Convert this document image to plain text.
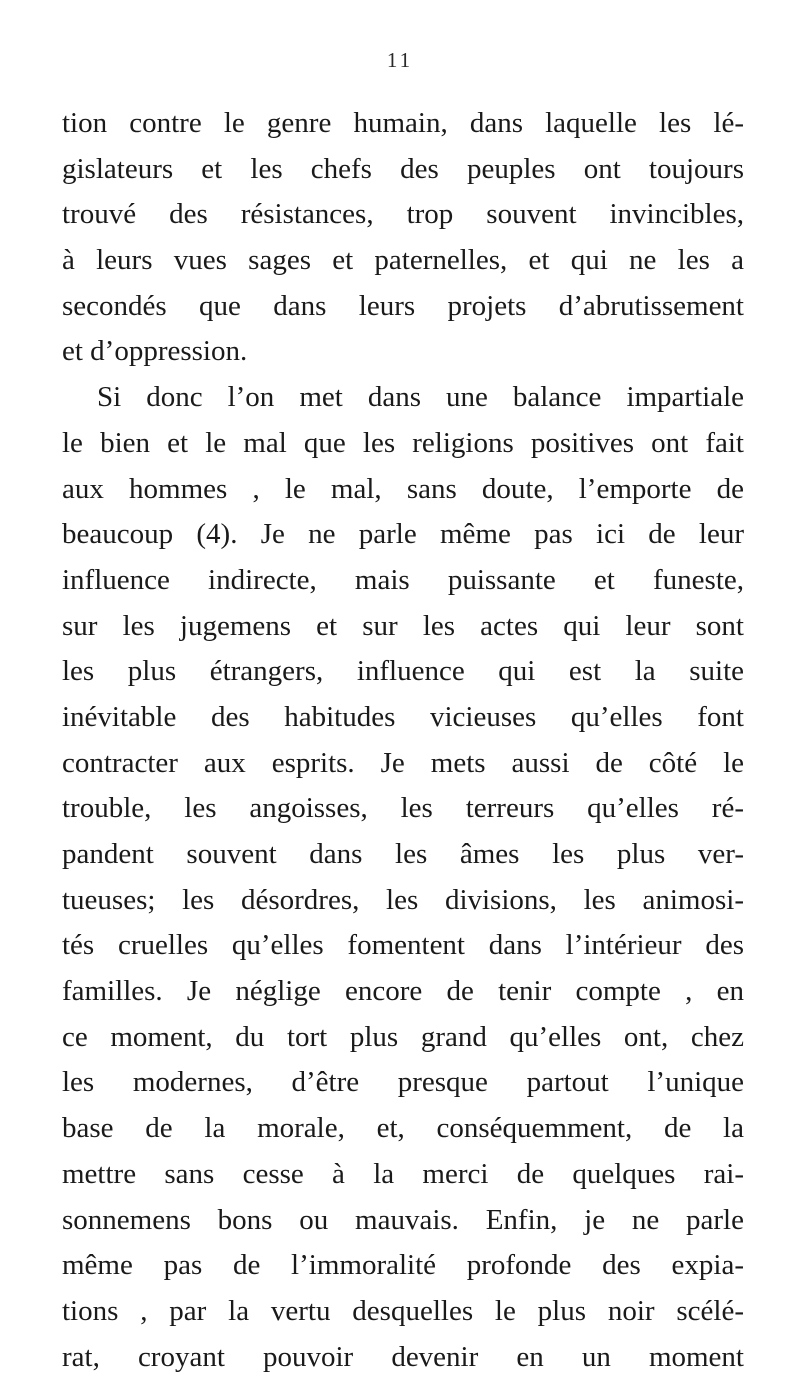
11
tion contre le genre humain, dans laquelle les lé-
gislateurs et les chefs des peuples ont toujours
trouvé des résistances, trop souvent invincibles,
à leurs vues sages et paternelles, et qui ne les a
secondés que dans leurs projets d’abrutissement
et d’oppression.
Si donc l’on met dans une balance impartiale
le bien et le mal que les religions positives ont fait
aux hommes , le mal, sans doute, l’emporte de
beaucoup (4). Je ne parle même pas ici de leur
influence indirecte, mais puissante et funeste,
sur les jugemens et sur les actes qui leur sont
les plus étrangers, influence qui est la suite
inévitable des habitudes vicieuses qu’elles font
contracter aux esprits. Je mets aussi de côté le
trouble, les angoisses, les terreurs qu’elles ré-
pandent souvent dans les âmes les plus ver-
tueuses; les désordres, les divisions, les animosi-
tés cruelles qu’elles fomentent dans l’intérieur des
familles. Je néglige encore de tenir compte , en
ce moment, du tort plus grand qu’elles ont, chez
les modernes, d’être presque partout l’unique
base de la morale, et, conséquemment, de la
mettre sans cesse à la merci de quelques rai-
sonnemens bons ou mauvais. Enfin, je ne parle
même pas de l’immoralité profonde des expia-
tions , par la vertu desquelles le plus noir scélé-
rat, croyant pouvoir devenir en un moment
